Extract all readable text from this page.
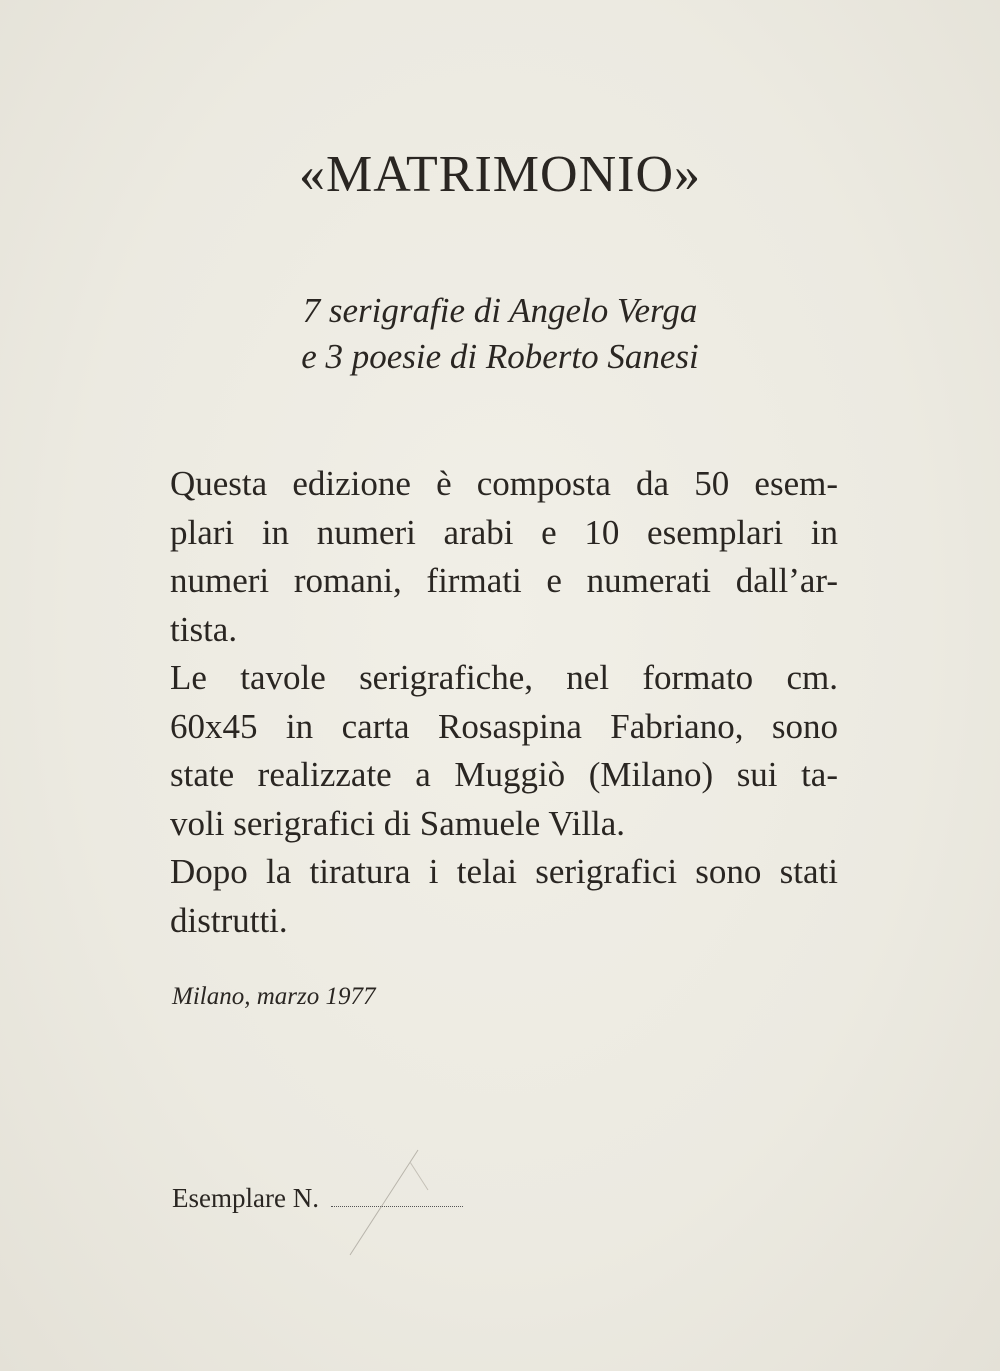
«MATRIMONIO»
7 serigrafie di Angelo Verga
e 3 poesie di Roberto Sanesi
Questa edizione è composta da 50 esem-
plari in numeri arabi e 10 esemplari in
numeri romani, firmati e numerati dall’ar-
tista.
Le tavole serigrafiche, nel formato cm.
60x45 in carta Rosaspina Fabriano, sono
state realizzate a Muggiò (Milano) sui ta-
voli serigrafici di Samuele Villa.
Dopo la tiratura i telai serigrafici sono stati
distrutti.

Milano, marzo 1977

Esemplare N.
